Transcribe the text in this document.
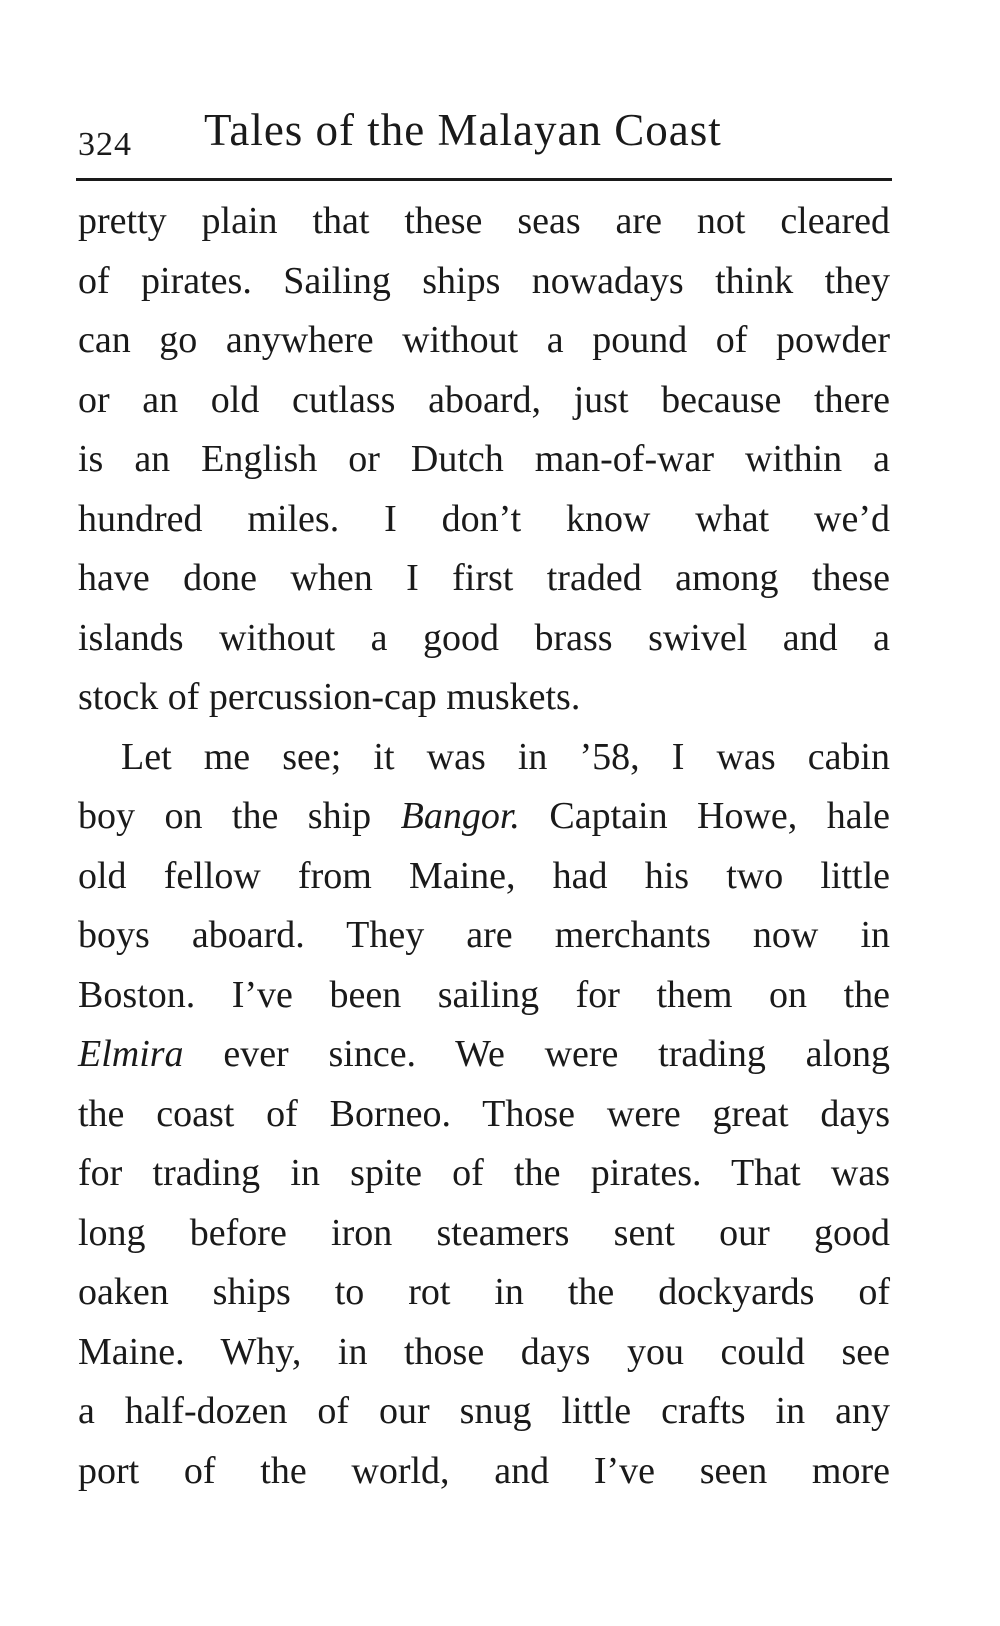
324 Tales of the Malayan Coast
pretty plain that these seas are not cleared
of pirates. Sailing ships nowadays think they
can go anywhere without a pound of powder
or an old cutlass aboard, just because there
is an English or Dutch man-of-war within a
hundred miles. I don’t know what we’d
have done when I first traded among these
islands without a good brass swivel and a
stock of percussion-cap muskets.
Let me see; it was in ’58, I was cabin
boy on the ship Bangor. Captain Howe, hale
old fellow from Maine, had his two little
boys aboard. They are merchants now in
Boston. I’ve been sailing for them on the
Elmira ever since. We were trading along
the coast of Borneo. Those were great days
for trading in spite of the pirates. That was
long before iron steamers sent our good
oaken ships to rot in the dockyards of
Maine. Why, in those days you could see
a half-dozen of our snug little crafts in any
port of the world, and I’ve seen more
